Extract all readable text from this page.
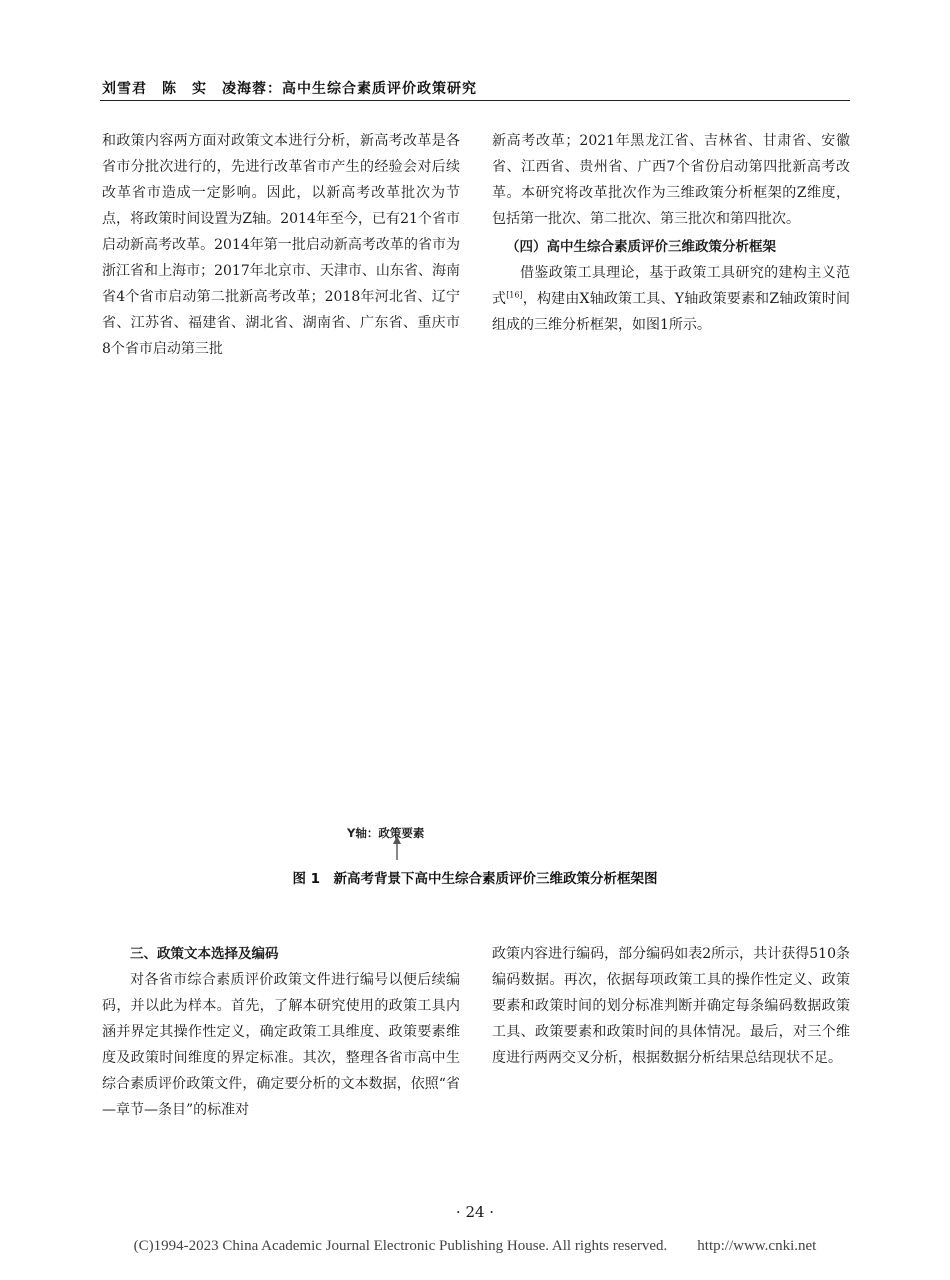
刘雪君　陈　实　凌海蓉：高中生综合素质评价政策研究

和政策内容两方面对政策文本进行分析，新高考改革是各省市分批次进行的，先进行改革省市产生的经验会对后续改革省市造成一定影响。因此，以新高考改革批次为节点，将政策时间设置为Z轴。2014年至今，已有21个省市启动新高考改革。2014年第一批启动新高考改革的省市为浙江省和上海市；2017年北京市、天津市、山东省、海南省4个省市启动第二批新高考改革；2018年河北省、辽宁省、江苏省、福建省、湖北省、湖南省、广东省、重庆市8个省市启动第三批

新高考改革；2021年黑龙江省、吉林省、甘肃省、安徽省、江西省、贵州省、广西7个省份启动第四批新高考改革。本研究将改革批次作为三维政策分析框架的Z维度，包括第一批次、第二批次、第三批次和第四批次。

（四）高中生综合素质评价三维政策分析框架

借鉴政策工具理论，基于政策工具研究的建构主义范式[16]，构建由X轴政策工具、Y轴政策要素和Z轴政策时间组成的三维分析框架，如图1所示。

Y轴：政策要素
图 1　新高考背景下高中生综合素质评价三维政策分析框架图

三、政策文本选择及编码

对各省市综合素质评价政策文件进行编号以便后续编码，并以此为样本。首先，了解本研究使用的政策工具内涵并界定其操作性定义，确定政策工具维度、政策要素维度及政策时间维度的界定标准。其次，整理各省市高中生综合素质评价政策文件，确定要分析的文本数据，依照“省—章节—条目”的标准对

政策内容进行编码，部分编码如表2所示，共计获得510条编码数据。再次，依据每项政策工具的操作性定义、政策要素和政策时间的划分标准判断并确定每条编码数据政策工具、政策要素和政策时间的具体情况。最后，对三个维度进行两两交叉分析，根据数据分析结果总结现状不足。

· 24 ·
(C)1994-2023 China Academic Journal Electronic Publishing House. All rights reserved.　　http://www.cnki.net
